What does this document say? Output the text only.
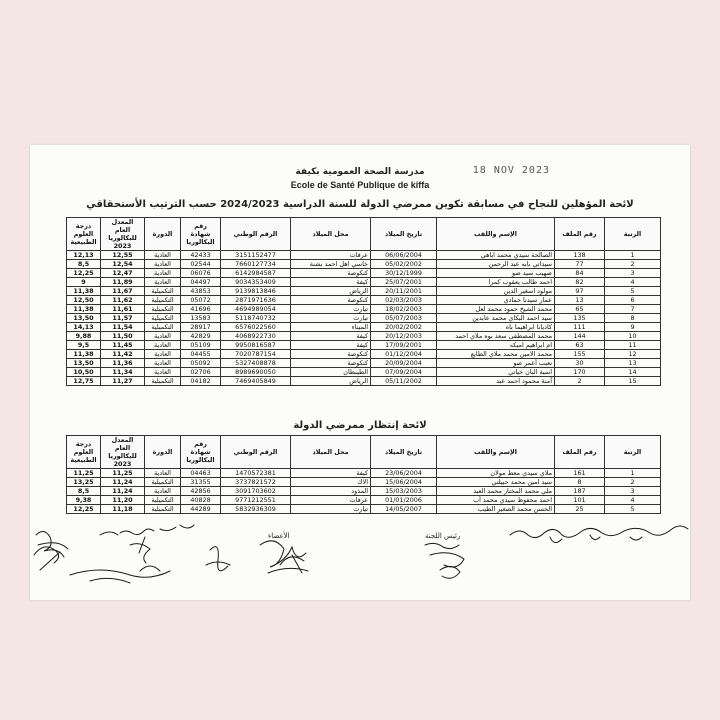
مدرسة الصحة العمومية بكيفة
Ecole de Santé Publique de kiffa
18 NOV 2023
لائحة المؤهلين للنجاح في مسابقة تكوين ممرضي الدولة للسنة الدراسية 2024/2023 حسب الترتيب الأستحقاقي
الرتبة	رقم الملف	الإسم واللقب	تاريخ الميلاد	محل الميلاد	الرقم الوطني	رقم شهادة البكالوريا	الدورة	المعدل العام للبكالوريا 2023	درجة العلوم الطبيعية
1	138	الصالحة سيدي محمد اباهي	06/06/2004	عرفات	3151152477	42433	العادية	12,55	12,13
2	77	سيداتي بابه عبد الرحمن	05/02/2002	خاسي اهل احمد بشنة	7660127734	02544	العادية	12,54	8,5
3	84	صهيب سيد صو	30/12/1999	كنكوصة	6142984587	06076	العادية	12,47	12,25
4	82	احمد طالب يعقوب كمرا	25/07/2001	كيفة	9034353409	04497	العادية	11,89	9
5	97	مولود اسغير الدين	20/11/2001	الرياض	9139813846	43853	التكميلية	11,67	11,38
6	13	عمار سيدنا حمادي	02/03/2003	كنكوصة	2871971636	05072	التكميلية	11,62	12,50
7	65	محمد الشيخ حمود محمد لعل	18/02/2003	تيارت	4694989054	41696	التكميلية	11,61	11,38
8	135	سيد احمد البكاي محمد عابدين	05/07/2003	تيارت	5118740732	13583	التكميلية	11,57	13,50
9	111	كاديانا ابراهيما باه	20/02/2002	الميناء	6576022560	28917	التكميلية	11,54	14,13
10	144	محمد المصطفى سعد بوه ملاي احمد	20/12/2003	كيفة	4068922730	42829	العادية	11,50	9,88
11	63	ام ابراهيم اميكه	17/09/2001	كيفة	9950816587	05109	العادية	11,45	9,5
12	155	محمد الامين محمد ملاي الطايع	01/12/2004	كنكوصة	7020787154	04455	العادية	11,42	11,38
13	30	نعيب أعمر صو	20/09/2004	كنكوصة	5327408878	05092	العادية	11,36	13,50
14	170	اسية البان خياتي	07/09/2004	الطينطان	8989690050	02706	العادية	11,34	10,50
15	2	آمنة محمود احمد عبد	05/11/2002	الرياض	7469405849	04182	التكميلية	11,27	12,75
لائحة إنتظار ممرضي الدولة
الرتبة	رقم الملف	الإسم واللقب	تاريخ الميلاد	محل الميلاد	الرقم الوطني	رقم شهادة البكالوريا	الدورة	المعدل العام للبكالوريا 2023	درجة العلوم الطبيعية
1	161	ملاي سيدي معط مولان	23/06/2004	كيفة	1470572381	04463	العادية	11,25	11,25
2	8	سيد امين محمد حبيلتي	15/06/2004	الاك	3737821572	31355	التكميلية	11,24	13,25
3	187	ملي محمد المختار محمد العبد	15/03/2003	المذود	3091703602	42856	العادية	11,24	8,5
4	101	احمد محفوظ سيدي محمد أب	01/01/2006	عرفات	9771212551	40828	التكميلية	11,20	9,38
5	25	الحسن محمد الصغير الطيب	14/05/2007	تيارت	5832936309	44289	التكميلية	11,18	12,25
الأعضاء	رئيس اللجنة
